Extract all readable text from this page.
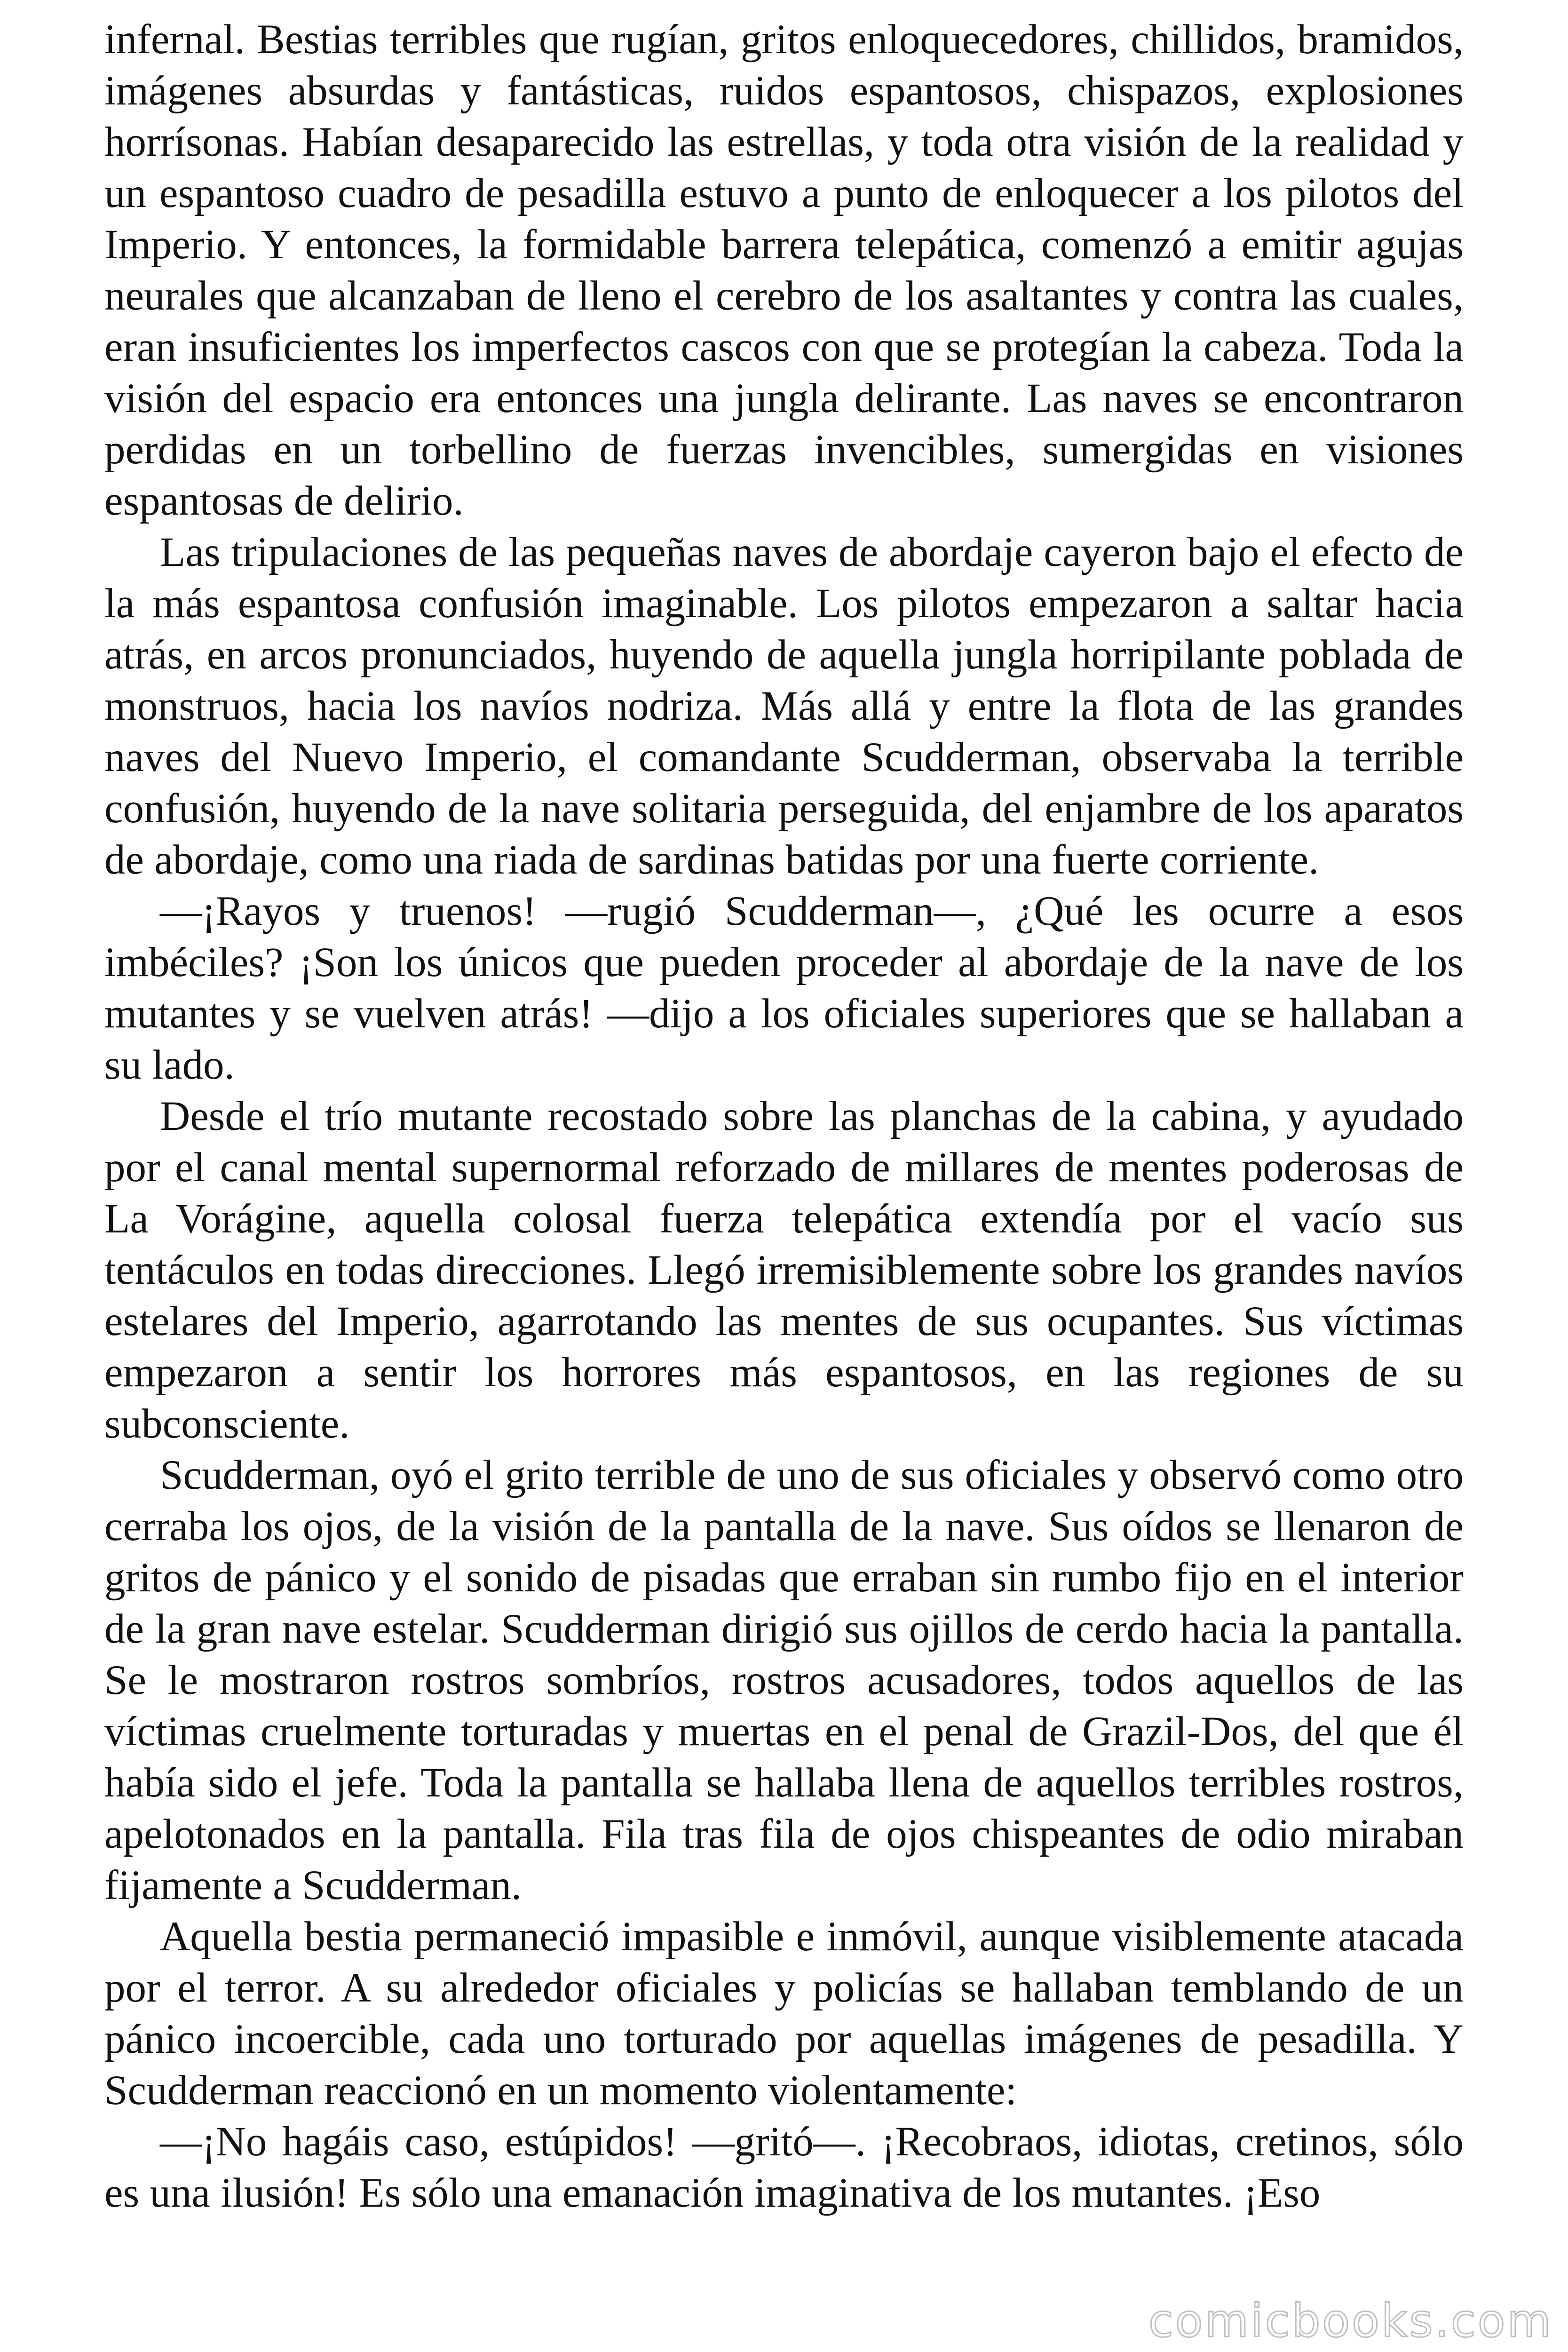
infernal. Bestias terribles que rugían, gritos enloquecedores, chillidos, bramidos, imágenes absurdas y fantásticas, ruidos espantosos, chispazos, explosiones horrísonas. Habían desaparecido las estrellas, y toda otra visión de la realidad y un espantoso cuadro de pesadilla estuvo a punto de enloquecer a los pilotos del Imperio. Y entonces, la formidable barrera telepática, comenzó a emitir agujas neurales que alcanzaban de lleno el cerebro de los asaltantes y contra las cuales, eran insuficientes los imperfectos cascos con que se protegían la cabeza. Toda la visión del espacio era entonces una jungla delirante. Las naves se encontraron perdidas en un torbellino de fuerzas invencibles, sumergidas en visiones espantosas de delirio.

Las tripulaciones de las pequeñas naves de abordaje cayeron bajo el efecto de la más espantosa confusión imaginable. Los pilotos empezaron a saltar hacia atrás, en arcos pronunciados, huyendo de aquella jungla horripilante poblada de monstruos, hacia los navíos nodriza. Más allá y entre la flota de las grandes naves del Nuevo Imperio, el comandante Scudderman, observaba la terrible confusión, huyendo de la nave solitaria perseguida, del enjambre de los aparatos de abordaje, como una riada de sardinas batidas por una fuerte corriente.

—¡Rayos y truenos! —rugió Scudderman—, ¿Qué les ocurre a esos imbéciles? ¡Son los únicos que pueden proceder al abordaje de la nave de los mutantes y se vuelven atrás! —dijo a los oficiales superiores que se hallaban a su lado.

Desde el trío mutante recostado sobre las planchas de la cabina, y ayudado por el canal mental supernormal reforzado de millares de mentes poderosas de La Vorágine, aquella colosal fuerza telepática extendía por el vacío sus tentáculos en todas direcciones. Llegó irremisiblemente sobre los grandes navíos estelares del Imperio, agarrotando las mentes de sus ocupantes. Sus víctimas empezaron a sentir los horrores más espantosos, en las regiones de su subconsciente.

Scudderman, oyó el grito terrible de uno de sus oficiales y observó como otro cerraba los ojos, de la visión de la pantalla de la nave. Sus oídos se llenaron de gritos de pánico y el sonido de pisadas que erraban sin rumbo fijo en el interior de la gran nave estelar. Scudderman dirigió sus ojillos de cerdo hacia la pantalla. Se le mostraron rostros sombríos, rostros acusadores, todos aquellos de las víctimas cruelmente torturadas y muertas en el penal de Grazil-Dos, del que él había sido el jefe. Toda la pantalla se hallaba llena de aquellos terribles rostros, apelotonados en la pantalla. Fila tras fila de ojos chispeantes de odio miraban fijamente a Scudderman.

Aquella bestia permaneció impasible e inmóvil, aunque visiblemente atacada por el terror. A su alrededor oficiales y policías se hallaban temblando de un pánico incoercible, cada uno torturado por aquellas imágenes de pesadilla. Y Scudderman reaccionó en un momento violentamente:

—¡No hagáis caso, estúpidos! —gritó—. ¡Recobraos, idiotas, cretinos, sólo es una ilusión! Es sólo una emanación imaginativa de los mutantes. ¡Eso

comicbooks.com
